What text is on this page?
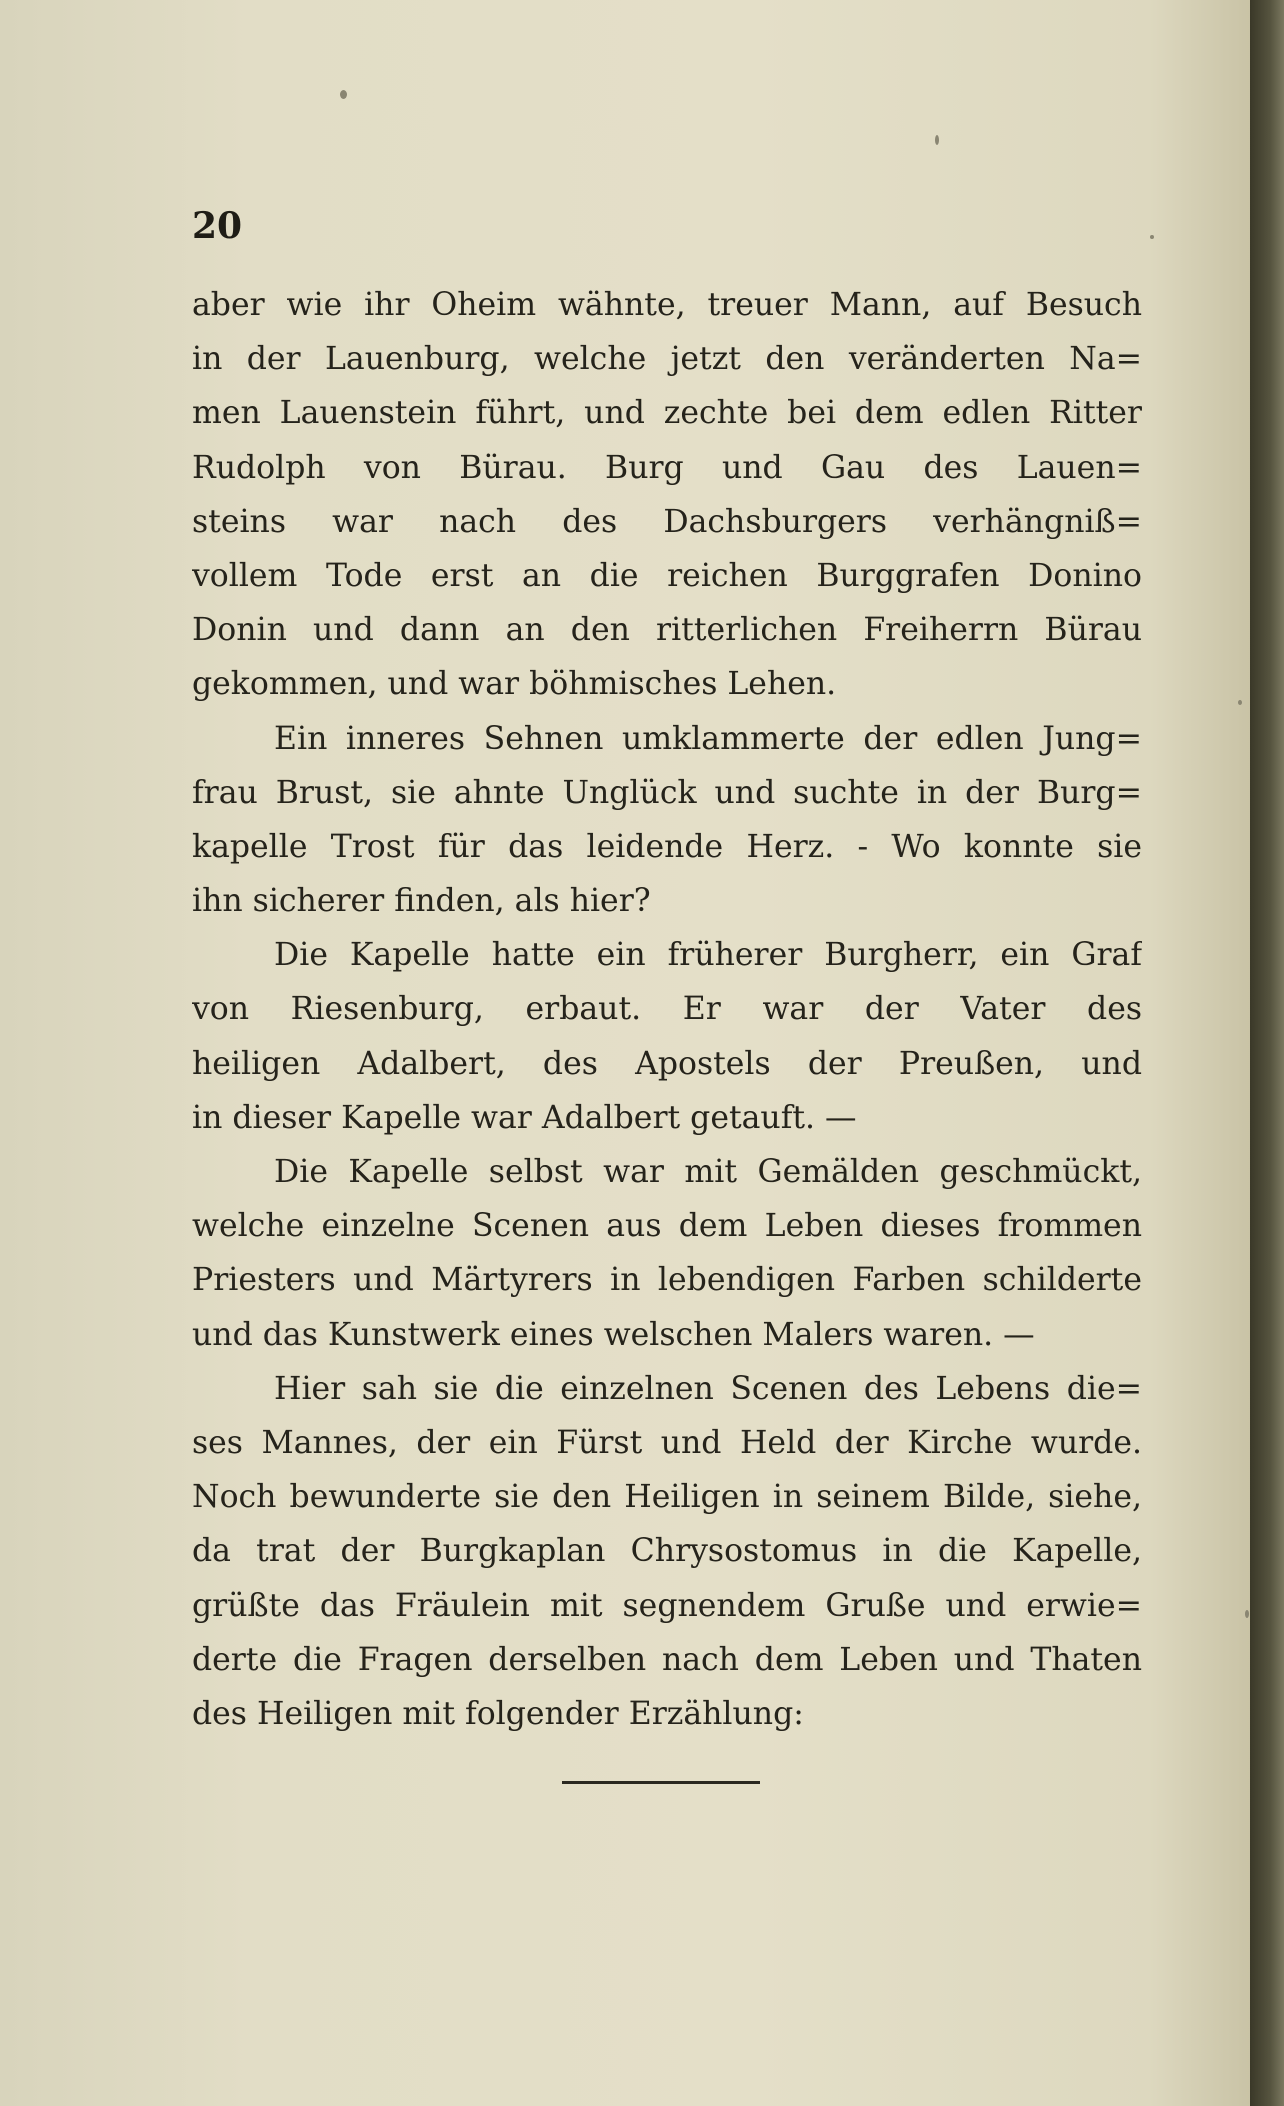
20
aber wie ihr Oheim wähnte, treuer Mann, auf Besuch
in der Lauenburg, welche jetzt den veränderten Na=
men Lauenstein führt, und zechte bei dem edlen Ritter
Rudolph von Bürau. Burg und Gau des Lauen=
steins war nach des Dachsburgers verhängniß=
vollem Tode erst an die reichen Burggrafen Donino
Donin und dann an den ritterlichen Freiherrn Bürau
gekommen, und war böhmisches Lehen.
Ein inneres Sehnen umklammerte der edlen Jung=
frau Brust, sie ahnte Unglück und suchte in der Burg=
kapelle Trost für das leidende Herz. - Wo konnte sie
ihn sicherer finden, als hier?
Die Kapelle hatte ein früherer Burgherr, ein Graf
von Riesenburg, erbaut. Er war der Vater des
heiligen Adalbert, des Apostels der Preußen, und
in dieser Kapelle war Adalbert getauft. —
Die Kapelle selbst war mit Gemälden geschmückt,
welche einzelne Scenen aus dem Leben dieses frommen
Priesters und Märtyrers in lebendigen Farben schilderte
und das Kunstwerk eines welschen Malers waren. —
Hier sah sie die einzelnen Scenen des Lebens die=
ses Mannes, der ein Fürst und Held der Kirche wurde.
Noch bewunderte sie den Heiligen in seinem Bilde, siehe,
da trat der Burgkaplan Chrysostomus in die Kapelle,
grüßte das Fräulein mit segnendem Gruße und erwie=
derte die Fragen derselben nach dem Leben und Thaten
des Heiligen mit folgender Erzählung:
